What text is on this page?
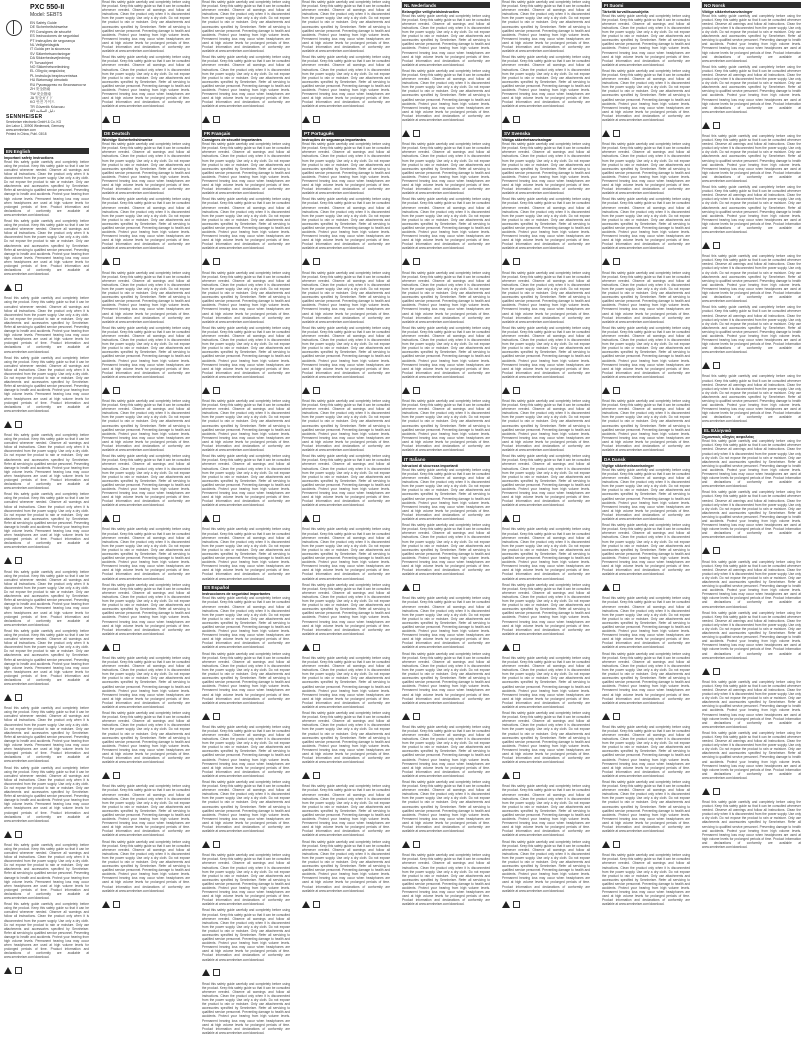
PXC 550-II
Model: SEBT5
EN Safety Guide
DE Sicherheitshinweise
FR Consignes de sécurité
ES Instrucciones de seguridad
PT Instruções de segurança
NL Veiligheidsgids
IT Guida per la sicurezza
SV Säkerhetsanvisningar
DA Sikkerhedsvejledning
FI Turvaohjeet
NO Sikkerhetsveiledning
EL Οδηγός ασφαλείας
PL Instrukcja bezpieczeństwa
HU Biztonsági útmutató
RU Руководство по безопасности
ZH 安全指南
TW 安全指南
JA 安全ガイド
KO 안전 가이드
TR Güvenlik Kılavuzu
AR دليل السلامة
SENNHEISER
Sennheiser electronic GmbH & Co. KG
Am Labor 1, 30900 Wedemark, Germany
www.sennheiser.com
Printed in China, Publ. 03/18
EN English
Important safety instructions
Read this safety guide carefully and completely before using the product. Keep this safety guide so that it can be consulted whenever needed. Observe all warnings and follow all instructions. Clean the product only when it is disconnected from the power supply. Use only a dry cloth. Do not expose the product to rain or moisture. Only use attachments and accessories specified by Sennheiser. Refer all servicing to qualified service personnel. Preventing damage to health and accidents. Protect your hearing from high volume levels. Permanent hearing loss may occur when headphones are used at high volume levels for prolonged periods of time. Product information and declarations of conformity are available at www.sennheiser.com/download.
Read this safety guide carefully and completely before using the product. Keep this safety guide so that it can be consulted whenever needed. Observe all warnings and follow all instructions. Clean the product only when it is disconnected from the power supply. Use only a dry cloth. Do not expose the product to rain or moisture. Only use attachments and accessories specified by Sennheiser. Refer all servicing to qualified service personnel. Preventing damage to health and accidents. Protect your hearing from high volume levels. Permanent hearing loss may occur when headphones are used at high volume levels for prolonged periods of time. Product information and declarations of conformity are available at www.sennheiser.com/download.
Read this safety guide carefully and completely before using the product. Keep this safety guide so that it can be consulted whenever needed. Observe all warnings and follow all instructions. Clean the product only when it is disconnected from the power supply. Use only a dry cloth. Do not expose the product to rain or moisture. Only use attachments and accessories specified by Sennheiser. Refer all servicing to qualified service personnel. Preventing damage to health and accidents. Protect your hearing from high volume levels. Permanent hearing loss may occur when headphones are used at high volume levels for prolonged periods of time. Product information and declarations of conformity are available at www.sennheiser.com/download.
Read this safety guide carefully and completely before using the product. Keep this safety guide so that it can be consulted whenever needed. Observe all warnings and follow all instructions. Clean the product only when it is disconnected from the power supply. Use only a dry cloth. Do not expose the product to rain or moisture. Only use attachments and accessories specified by Sennheiser. Refer all servicing to qualified service personnel. Preventing damage to health and accidents. Protect your hearing from high volume levels. Permanent hearing loss may occur when headphones are used at high volume levels for prolonged periods of time. Product information and declarations of conformity are available at www.sennheiser.com/download.
Read this safety guide carefully and completely before using the product. Keep this safety guide so that it can be consulted whenever needed. Observe all warnings and follow all instructions. Clean the product only when it is disconnected from the power supply. Use only a dry cloth. Do not expose the product to rain or moisture. Only use attachments and accessories specified by Sennheiser. Refer all servicing to qualified service personnel. Preventing damage to health and accidents. Protect your hearing from high volume levels. Permanent hearing loss may occur when headphones are used at high volume levels for prolonged periods of time. Product information and declarations of conformity are available at www.sennheiser.com/download.
Read this safety guide carefully and completely before using the product. Keep this safety guide so that it can be consulted whenever needed. Observe all warnings and follow all instructions. Clean the product only when it is disconnected from the power supply. Use only a dry cloth. Do not expose the product to rain or moisture. Only use attachments and accessories specified by Sennheiser. Refer all servicing to qualified service personnel. Preventing damage to health and accidents. Protect your hearing from high volume levels. Permanent hearing loss may occur when headphones are used at high volume levels for prolonged periods of time. Product information and declarations of conformity are available at www.sennheiser.com/download.
Read this safety guide carefully and completely before using the product. Keep this safety guide so that it can be consulted whenever needed. Observe all warnings and follow all instructions. Clean the product only when it is disconnected from the power supply. Use only a dry cloth. Do not expose the product to rain or moisture. Only use attachments and accessories specified by Sennheiser. Refer all servicing to qualified service personnel. Preventing damage to health and accidents. Protect your hearing from high volume levels. Permanent hearing loss may occur when headphones are used at high volume levels for prolonged periods of time. Product information and declarations of conformity are available at www.sennheiser.com/download.
Read this safety guide carefully and completely before using the product. Keep this safety guide so that it can be consulted whenever needed. Observe all warnings and follow all instructions. Clean the product only when it is disconnected from the power supply. Use only a dry cloth. Do not expose the product to rain or moisture. Only use attachments and accessories specified by Sennheiser. Refer all servicing to qualified service personnel. Preventing damage to health and accidents. Protect your hearing from high volume levels. Permanent hearing loss may occur when headphones are used at high volume levels for prolonged periods of time. Product information and declarations of conformity are available at www.sennheiser.com/download.
Read this safety guide carefully and completely before using the product. Keep this safety guide so that it can be consulted whenever needed. Observe all warnings and follow all instructions. Clean the product only when it is disconnected from the power supply. Use only a dry cloth. Do not expose the product to rain or moisture. Only use attachments and accessories specified by Sennheiser. Refer all servicing to qualified service personnel. Preventing damage to health and accidents. Protect your hearing from high volume levels. Permanent hearing loss may occur when headphones are used at high volume levels for prolonged periods of time. Product information and declarations of conformity are available at www.sennheiser.com/download.
Read this safety guide carefully and completely before using the product. Keep this safety guide so that it can be consulted whenever needed. Observe all warnings and follow all instructions. Clean the product only when it is disconnected from the power supply. Use only a dry cloth. Do not expose the product to rain or moisture. Only use attachments and accessories specified by Sennheiser. Refer all servicing to qualified service personnel. Preventing damage to health and accidents. Protect your hearing from high volume levels. Permanent hearing loss may occur when headphones are used at high volume levels for prolonged periods of time. Product information and declarations of conformity are available at www.sennheiser.com/download.
Read this safety guide carefully and completely before using the product. Keep this safety guide so that it can be consulted whenever needed. Observe all warnings and follow all instructions. Clean the product only when it is disconnected from the power supply. Use only a dry cloth. Do not expose the product to rain or moisture. Only use attachments and accessories specified by Sennheiser. Refer all servicing to qualified service personnel. Preventing damage to health and accidents. Protect your hearing from high volume levels. Permanent hearing loss may occur when headphones are used at high volume levels for prolonged periods of time. Product information and declarations of conformity are available at www.sennheiser.com/download.
Read this safety guide carefully and completely before using the product. Keep this safety guide so that it can be consulted whenever needed. Observe all warnings and follow all instructions. Clean the product only when it is disconnected from the power supply. Use only a dry cloth. Do not expose the product to rain or moisture. Only use attachments and accessories specified by Sennheiser. Refer all servicing to qualified service personnel. Preventing damage to health and accidents. Protect your hearing from high volume levels. Permanent hearing loss may occur when headphones are used at high volume levels for prolonged periods of time. Product information and declarations of conformity are available at www.sennheiser.com/download.
Read this safety guide carefully and completely before using the product. Keep this safety guide so that it can be consulted whenever needed. Observe all warnings and follow all instructions. Clean the product only when it is disconnected from the power supply. Use only a dry cloth. Do not expose the product to rain or moisture. Only use attachments and accessories specified by Sennheiser. Refer all servicing to qualified service personnel. Preventing damage to health and accidents. Protect your hearing from high volume levels. Permanent hearing loss may occur when headphones are used at high volume levels for prolonged periods of time. Product information and declarations of conformity are available at www.sennheiser.com/download.
Read this safety guide carefully and completely before using the product. Keep this safety guide so that it can be consulted whenever needed. Observe all warnings and follow all instructions. Clean the product only when it is disconnected from the power supply. Use only a dry cloth. Do not expose the product to rain or moisture. Only use attachments and accessories specified by Sennheiser. Refer all servicing to qualified service personnel. Preventing damage to health and accidents. Protect your hearing from high volume levels. Permanent hearing loss may occur when headphones are used at high volume levels for prolonged periods of time. Product information and declarations of conformity are available at www.sennheiser.com/download.
DE Deutsch
Wichtige Sicherheitshinweise
Read this safety guide carefully and completely before using the product. Keep this safety guide so that it can be consulted whenever needed. Observe all warnings and follow all instructions. Clean the product only when it is disconnected from the power supply. Use only a dry cloth. Do not expose the product to rain or moisture. Only use attachments and accessories specified by Sennheiser. Refer all servicing to qualified service personnel. Preventing damage to health and accidents. Protect your hearing from high volume levels. Permanent hearing loss may occur when headphones are used at high volume levels for prolonged periods of time. Product information and declarations of conformity are available at www.sennheiser.com/download.
Read this safety guide carefully and completely before using the product. Keep this safety guide so that it can be consulted whenever needed. Observe all warnings and follow all instructions. Clean the product only when it is disconnected from the power supply. Use only a dry cloth. Do not expose the product to rain or moisture. Only use attachments and accessories specified by Sennheiser. Refer all servicing to qualified service personnel. Preventing damage to health and accidents. Protect your hearing from high volume levels. Permanent hearing loss may occur when headphones are used at high volume levels for prolonged periods of time. Product information and declarations of conformity are available at www.sennheiser.com/download.
Read this safety guide carefully and completely before using the product. Keep this safety guide so that it can be consulted whenever needed. Observe all warnings and follow all instructions. Clean the product only when it is disconnected from the power supply. Use only a dry cloth. Do not expose the product to rain or moisture. Only use attachments and accessories specified by Sennheiser. Refer all servicing to qualified service personnel. Preventing damage to health and accidents. Protect your hearing from high volume levels. Permanent hearing loss may occur when headphones are used at high volume levels for prolonged periods of time. Product information and declarations of conformity are available at www.sennheiser.com/download.
Read this safety guide carefully and completely before using the product. Keep this safety guide so that it can be consulted whenever needed. Observe all warnings and follow all instructions. Clean the product only when it is disconnected from the power supply. Use only a dry cloth. Do not expose the product to rain or moisture. Only use attachments and accessories specified by Sennheiser. Refer all servicing to qualified service personnel. Preventing damage to health and accidents. Protect your hearing from high volume levels. Permanent hearing loss may occur when headphones are used at high volume levels for prolonged periods of time. Product information and declarations of conformity are available at www.sennheiser.com/download.
Read this safety guide carefully and completely before using the product. Keep this safety guide so that it can be consulted whenever needed. Observe all warnings and follow all instructions. Clean the product only when it is disconnected from the power supply. Use only a dry cloth. Do not expose the product to rain or moisture. Only use attachments and accessories specified by Sennheiser. Refer all servicing to qualified service personnel. Preventing damage to health and accidents. Protect your hearing from high volume levels. Permanent hearing loss may occur when headphones are used at high volume levels for prolonged periods of time. Product information and declarations of conformity are available at www.sennheiser.com/download.
Read this safety guide carefully and completely before using the product. Keep this safety guide so that it can be consulted whenever needed. Observe all warnings and follow all instructions. Clean the product only when it is disconnected from the power supply. Use only a dry cloth. Do not expose the product to rain or moisture. Only use attachments and accessories specified by Sennheiser. Refer all servicing to qualified service personnel. Preventing damage to health and accidents. Protect your hearing from high volume levels. Permanent hearing loss may occur when headphones are used at high volume levels for prolonged periods of time. Product information and declarations of conformity are available at www.sennheiser.com/download.
Read this safety guide carefully and completely before using the product. Keep this safety guide so that it can be consulted whenever needed. Observe all warnings and follow all instructions. Clean the product only when it is disconnected from the power supply. Use only a dry cloth. Do not expose the product to rain or moisture. Only use attachments and accessories specified by Sennheiser. Refer all servicing to qualified service personnel. Preventing damage to health and accidents. Protect your hearing from high volume levels. Permanent hearing loss may occur when headphones are used at high volume levels for prolonged periods of time. Product information and declarations of conformity are available at www.sennheiser.com/download.
Read this safety guide carefully and completely before using the product. Keep this safety guide so that it can be consulted whenever needed. Observe all warnings and follow all instructions. Clean the product only when it is disconnected from the power supply. Use only a dry cloth. Do not expose the product to rain or moisture. Only use attachments and accessories specified by Sennheiser. Refer all servicing to qualified service personnel. Preventing damage to health and accidents. Protect your hearing from high volume levels. Permanent hearing loss may occur when headphones are used at high volume levels for prolonged periods of time. Product information and declarations of conformity are available at www.sennheiser.com/download.
Read this safety guide carefully and completely before using the product. Keep this safety guide so that it can be consulted whenever needed. Observe all warnings and follow all instructions. Clean the product only when it is disconnected from the power supply. Use only a dry cloth. Do not expose the product to rain or moisture. Only use attachments and accessories specified by Sennheiser. Refer all servicing to qualified service personnel. Preventing damage to health and accidents. Protect your hearing from high volume levels. Permanent hearing loss may occur when headphones are used at high volume levels for prolonged periods of time. Product information and declarations of conformity are available at www.sennheiser.com/download.
Read this safety guide carefully and completely before using the product. Keep this safety guide so that it can be consulted whenever needed. Observe all warnings and follow all instructions. Clean the product only when it is disconnected from the power supply. Use only a dry cloth. Do not expose the product to rain or moisture. Only use attachments and accessories specified by Sennheiser. Refer all servicing to qualified service personnel. Preventing damage to health and accidents. Protect your hearing from high volume levels. Permanent hearing loss may occur when headphones are used at high volume levels for prolonged periods of time. Product information and declarations of conformity are available at www.sennheiser.com/download.
Read this safety guide carefully and completely before using the product. Keep this safety guide so that it can be consulted whenever needed. Observe all warnings and follow all instructions. Clean the product only when it is disconnected from the power supply. Use only a dry cloth. Do not expose the product to rain or moisture. Only use attachments and accessories specified by Sennheiser. Refer all servicing to qualified service personnel. Preventing damage to health and accidents. Protect your hearing from high volume levels. Permanent hearing loss may occur when headphones are used at high volume levels for prolonged periods of time. Product information and declarations of conformity are available at www.sennheiser.com/download.
Read this safety guide carefully and completely before using the product. Keep this safety guide so that it can be consulted whenever needed. Observe all warnings and follow all instructions. Clean the product only when it is disconnected from the power supply. Use only a dry cloth. Do not expose the product to rain or moisture. Only use attachments and accessories specified by Sennheiser. Refer all servicing to qualified service personnel. Preventing damage to health and accidents. Protect your hearing from high volume levels. Permanent hearing loss may occur when headphones are used at high volume levels for prolonged periods of time. Product information and declarations of conformity are available at www.sennheiser.com/download.
Read this safety guide carefully and completely before using the product. Keep this safety guide so that it can be consulted whenever needed. Observe all warnings and follow all instructions. Clean the product only when it is disconnected from the power supply. Use only a dry cloth. Do not expose the product to rain or moisture. Only use attachments and accessories specified by Sennheiser. Refer all servicing to qualified service personnel. Preventing damage to health and accidents. Protect your hearing from high volume levels. Permanent hearing loss may occur when headphones are used at high volume levels for prolonged periods of time. Product information and declarations of conformity are available at www.sennheiser.com/download.
Read this safety guide carefully and completely before using the product. Keep this safety guide so that it can be consulted whenever needed. Observe all warnings and follow all instructions. Clean the product only when it is disconnected from the power supply. Use only a dry cloth. Do not expose the product to rain or moisture. Only use attachments and accessories specified by Sennheiser. Refer all servicing to qualified service personnel. Preventing damage to health and accidents. Protect your hearing from high volume levels. Permanent hearing loss may occur when headphones are used at high volume levels for prolonged periods of time. Product information and declarations of conformity are available at www.sennheiser.com/download.
FR Français
Consignes de sécurité importantes
Read this safety guide carefully and completely before using the product. Keep this safety guide so that it can be consulted whenever needed. Observe all warnings and follow all instructions. Clean the product only when it is disconnected from the power supply. Use only a dry cloth. Do not expose the product to rain or moisture. Only use attachments and accessories specified by Sennheiser. Refer all servicing to qualified service personnel. Preventing damage to health and accidents. Protect your hearing from high volume levels. Permanent hearing loss may occur when headphones are used at high volume levels for prolonged periods of time. Product information and declarations of conformity are available at www.sennheiser.com/download.
Read this safety guide carefully and completely before using the product. Keep this safety guide so that it can be consulted whenever needed. Observe all warnings and follow all instructions. Clean the product only when it is disconnected from the power supply. Use only a dry cloth. Do not expose the product to rain or moisture. Only use attachments and accessories specified by Sennheiser. Refer all servicing to qualified service personnel. Preventing damage to health and accidents. Protect your hearing from high volume levels. Permanent hearing loss may occur when headphones are used at high volume levels for prolonged periods of time. Product information and declarations of conformity are available at www.sennheiser.com/download.
Read this safety guide carefully and completely before using the product. Keep this safety guide so that it can be consulted whenever needed. Observe all warnings and follow all instructions. Clean the product only when it is disconnected from the power supply. Use only a dry cloth. Do not expose the product to rain or moisture. Only use attachments and accessories specified by Sennheiser. Refer all servicing to qualified service personnel. Preventing damage to health and accidents. Protect your hearing from high volume levels. Permanent hearing loss may occur when headphones are used at high volume levels for prolonged periods of time. Product information and declarations of conformity are available at www.sennheiser.com/download.
Read this safety guide carefully and completely before using the product. Keep this safety guide so that it can be consulted whenever needed. Observe all warnings and follow all instructions. Clean the product only when it is disconnected from the power supply. Use only a dry cloth. Do not expose the product to rain or moisture. Only use attachments and accessories specified by Sennheiser. Refer all servicing to qualified service personnel. Preventing damage to health and accidents. Protect your hearing from high volume levels. Permanent hearing loss may occur when headphones are used at high volume levels for prolonged periods of time. Product information and declarations of conformity are available at www.sennheiser.com/download.
Read this safety guide carefully and completely before using the product. Keep this safety guide so that it can be consulted whenever needed. Observe all warnings and follow all instructions. Clean the product only when it is disconnected from the power supply. Use only a dry cloth. Do not expose the product to rain or moisture. Only use attachments and accessories specified by Sennheiser. Refer all servicing to qualified service personnel. Preventing damage to health and accidents. Protect your hearing from high volume levels. Permanent hearing loss may occur when headphones are used at high volume levels for prolonged periods of time. Product information and declarations of conformity are available at www.sennheiser.com/download.
Read this safety guide carefully and completely before using the product. Keep this safety guide so that it can be consulted whenever needed. Observe all warnings and follow all instructions. Clean the product only when it is disconnected from the power supply. Use only a dry cloth. Do not expose the product to rain or moisture. Only use attachments and accessories specified by Sennheiser. Refer all servicing to qualified service personnel. Preventing damage to health and accidents. Protect your hearing from high volume levels. Permanent hearing loss may occur when headphones are used at high volume levels for prolonged periods of time. Product information and declarations of conformity are available at www.sennheiser.com/download.
Read this safety guide carefully and completely before using the product. Keep this safety guide so that it can be consulted whenever needed. Observe all warnings and follow all instructions. Clean the product only when it is disconnected from the power supply. Use only a dry cloth. Do not expose the product to rain or moisture. Only use attachments and accessories specified by Sennheiser. Refer all servicing to qualified service personnel. Preventing damage to health and accidents. Protect your hearing from high volume levels. Permanent hearing loss may occur when headphones are used at high volume levels for prolonged periods of time. Product information and declarations of conformity are available at www.sennheiser.com/download.
ES Español
Instrucciones de seguridad importantes
Read this safety guide carefully and completely before using the product. Keep this safety guide so that it can be consulted whenever needed. Observe all warnings and follow all instructions. Clean the product only when it is disconnected from the power supply. Use only a dry cloth. Do not expose the product to rain or moisture. Only use attachments and accessories specified by Sennheiser. Refer all servicing to qualified service personnel. Preventing damage to health and accidents. Protect your hearing from high volume levels. Permanent hearing loss may occur when headphones are used at high volume levels for prolonged periods of time. Product information and declarations of conformity are available at www.sennheiser.com/download.
Read this safety guide carefully and completely before using the product. Keep this safety guide so that it can be consulted whenever needed. Observe all warnings and follow all instructions. Clean the product only when it is disconnected from the power supply. Use only a dry cloth. Do not expose the product to rain or moisture. Only use attachments and accessories specified by Sennheiser. Refer all servicing to qualified service personnel. Preventing damage to health and accidents. Protect your hearing from high volume levels. Permanent hearing loss may occur when headphones are used at high volume levels for prolonged periods of time. Product information and declarations of conformity are available at www.sennheiser.com/download.
Read this safety guide carefully and completely before using the product. Keep this safety guide so that it can be consulted whenever needed. Observe all warnings and follow all instructions. Clean the product only when it is disconnected from the power supply. Use only a dry cloth. Do not expose the product to rain or moisture. Only use attachments and accessories specified by Sennheiser. Refer all servicing to qualified service personnel. Preventing damage to health and accidents. Protect your hearing from high volume levels. Permanent hearing loss may occur when headphones are used at high volume levels for prolonged periods of time. Product information and declarations of conformity are available at www.sennheiser.com/download.
Read this safety guide carefully and completely before using the product. Keep this safety guide so that it can be consulted whenever needed. Observe all warnings and follow all instructions. Clean the product only when it is disconnected from the power supply. Use only a dry cloth. Do not expose the product to rain or moisture. Only use attachments and accessories specified by Sennheiser. Refer all servicing to qualified service personnel. Preventing damage to health and accidents. Protect your hearing from high volume levels. Permanent hearing loss may occur when headphones are used at high volume levels for prolonged periods of time. Product information and declarations of conformity are available at www.sennheiser.com/download.
Read this safety guide carefully and completely before using the product. Keep this safety guide so that it can be consulted whenever needed. Observe all warnings and follow all instructions. Clean the product only when it is disconnected from the power supply. Use only a dry cloth. Do not expose the product to rain or moisture. Only use attachments and accessories specified by Sennheiser. Refer all servicing to qualified service personnel. Preventing damage to health and accidents. Protect your hearing from high volume levels. Permanent hearing loss may occur when headphones are used at high volume levels for prolonged periods of time. Product information and declarations of conformity are available at www.sennheiser.com/download.
Read this safety guide carefully and completely before using the product. Keep this safety guide so that it can be consulted whenever needed. Observe all warnings and follow all instructions. Clean the product only when it is disconnected from the power supply. Use only a dry cloth. Do not expose the product to rain or moisture. Only use attachments and accessories specified by Sennheiser. Refer all servicing to qualified service personnel. Preventing damage to health and accidents. Protect your hearing from high volume levels. Permanent hearing loss may occur when headphones are used at high volume levels for prolonged periods of time. Product information and declarations of conformity are available at www.sennheiser.com/download.
Read this safety guide carefully and completely before using the product. Keep this safety guide so that it can be consulted whenever needed. Observe all warnings and follow all instructions. Clean the product only when it is disconnected from the power supply. Use only a dry cloth. Do not expose the product to rain or moisture. Only use attachments and accessories specified by Sennheiser. Refer all servicing to qualified service personnel. Preventing damage to health and accidents. Protect your hearing from high volume levels. Permanent hearing loss may occur when headphones are used at high volume levels for prolonged periods of time. Product information and declarations of conformity are available at www.sennheiser.com/download.
Read this safety guide carefully and completely before using the product. Keep this safety guide so that it can be consulted whenever needed. Observe all warnings and follow all instructions. Clean the product only when it is disconnected from the power supply. Use only a dry cloth. Do not expose the product to rain or moisture. Only use attachments and accessories specified by Sennheiser. Refer all servicing to qualified service personnel. Preventing damage to health and accidents. Protect your hearing from high volume levels. Permanent hearing loss may occur when headphones are used at high volume levels for prolonged periods of time. Product information and declarations of conformity are available at www.sennheiser.com/download.
Read this safety guide carefully and completely before using the product. Keep this safety guide so that it can be consulted whenever needed. Observe all warnings and follow all instructions. Clean the product only when it is disconnected from the power supply. Use only a dry cloth. Do not expose the product to rain or moisture. Only use attachments and accessories specified by Sennheiser. Refer all servicing to qualified service personnel. Preventing damage to health and accidents. Protect your hearing from high volume levels. Permanent hearing loss may occur when headphones are used at high volume levels for prolonged periods of time. Product information and declarations of conformity are available at www.sennheiser.com/download.
PT Português
Instruções de segurança importantes
Read this safety guide carefully and completely before using the product. Keep this safety guide so that it can be consulted whenever needed. Observe all warnings and follow all instructions. Clean the product only when it is disconnected from the power supply. Use only a dry cloth. Do not expose the product to rain or moisture. Only use attachments and accessories specified by Sennheiser. Refer all servicing to qualified service personnel. Preventing damage to health and accidents. Protect your hearing from high volume levels. Permanent hearing loss may occur when headphones are used at high volume levels for prolonged periods of time. Product information and declarations of conformity are available at www.sennheiser.com/download.
Read this safety guide carefully and completely before using the product. Keep this safety guide so that it can be consulted whenever needed. Observe all warnings and follow all instructions. Clean the product only when it is disconnected from the power supply. Use only a dry cloth. Do not expose the product to rain or moisture. Only use attachments and accessories specified by Sennheiser. Refer all servicing to qualified service personnel. Preventing damage to health and accidents. Protect your hearing from high volume levels. Permanent hearing loss may occur when headphones are used at high volume levels for prolonged periods of time. Product information and declarations of conformity are available at www.sennheiser.com/download.
Read this safety guide carefully and completely before using the product. Keep this safety guide so that it can be consulted whenever needed. Observe all warnings and follow all instructions. Clean the product only when it is disconnected from the power supply. Use only a dry cloth. Do not expose the product to rain or moisture. Only use attachments and accessories specified by Sennheiser. Refer all servicing to qualified service personnel. Preventing damage to health and accidents. Protect your hearing from high volume levels. Permanent hearing loss may occur when headphones are used at high volume levels for prolonged periods of time. Product information and declarations of conformity are available at www.sennheiser.com/download.
Read this safety guide carefully and completely before using the product. Keep this safety guide so that it can be consulted whenever needed. Observe all warnings and follow all instructions. Clean the product only when it is disconnected from the power supply. Use only a dry cloth. Do not expose the product to rain or moisture. Only use attachments and accessories specified by Sennheiser. Refer all servicing to qualified service personnel. Preventing damage to health and accidents. Protect your hearing from high volume levels. Permanent hearing loss may occur when headphones are used at high volume levels for prolonged periods of time. Product information and declarations of conformity are available at www.sennheiser.com/download.
Read this safety guide carefully and completely before using the product. Keep this safety guide so that it can be consulted whenever needed. Observe all warnings and follow all instructions. Clean the product only when it is disconnected from the power supply. Use only a dry cloth. Do not expose the product to rain or moisture. Only use attachments and accessories specified by Sennheiser. Refer all servicing to qualified service personnel. Preventing damage to health and accidents. Protect your hearing from high volume levels. Permanent hearing loss may occur when headphones are used at high volume levels for prolonged periods of time. Product information and declarations of conformity are available at www.sennheiser.com/download.
Read this safety guide carefully and completely before using the product. Keep this safety guide so that it can be consulted whenever needed. Observe all warnings and follow all instructions. Clean the product only when it is disconnected from the power supply. Use only a dry cloth. Do not expose the product to rain or moisture. Only use attachments and accessories specified by Sennheiser. Refer all servicing to qualified service personnel. Preventing damage to health and accidents. Protect your hearing from high volume levels. Permanent hearing loss may occur when headphones are used at high volume levels for prolonged periods of time. Product information and declarations of conformity are available at www.sennheiser.com/download.
Read this safety guide carefully and completely before using the product. Keep this safety guide so that it can be consulted whenever needed. Observe all warnings and follow all instructions. Clean the product only when it is disconnected from the power supply. Use only a dry cloth. Do not expose the product to rain or moisture. Only use attachments and accessories specified by Sennheiser. Refer all servicing to qualified service personnel. Preventing damage to health and accidents. Protect your hearing from high volume levels. Permanent hearing loss may occur when headphones are used at high volume levels for prolonged periods of time. Product information and declarations of conformity are available at www.sennheiser.com/download.
Read this safety guide carefully and completely before using the product. Keep this safety guide so that it can be consulted whenever needed. Observe all warnings and follow all instructions. Clean the product only when it is disconnected from the power supply. Use only a dry cloth. Do not expose the product to rain or moisture. Only use attachments and accessories specified by Sennheiser. Refer all servicing to qualified service personnel. Preventing damage to health and accidents. Protect your hearing from high volume levels. Permanent hearing loss may occur when headphones are used at high volume levels for prolonged periods of time. Product information and declarations of conformity are available at www.sennheiser.com/download.
Read this safety guide carefully and completely before using the product. Keep this safety guide so that it can be consulted whenever needed. Observe all warnings and follow all instructions. Clean the product only when it is disconnected from the power supply. Use only a dry cloth. Do not expose the product to rain or moisture. Only use attachments and accessories specified by Sennheiser. Refer all servicing to qualified service personnel. Preventing damage to health and accidents. Protect your hearing from high volume levels. Permanent hearing loss may occur when headphones are used at high volume levels for prolonged periods of time. Product information and declarations of conformity are available at www.sennheiser.com/download.
Read this safety guide carefully and completely before using the product. Keep this safety guide so that it can be consulted whenever needed. Observe all warnings and follow all instructions. Clean the product only when it is disconnected from the power supply. Use only a dry cloth. Do not expose the product to rain or moisture. Only use attachments and accessories specified by Sennheiser. Refer all servicing to qualified service personnel. Preventing damage to health and accidents. Protect your hearing from high volume levels. Permanent hearing loss may occur when headphones are used at high volume levels for prolonged periods of time. Product information and declarations of conformity are available at www.sennheiser.com/download.
Read this safety guide carefully and completely before using the product. Keep this safety guide so that it can be consulted whenever needed. Observe all warnings and follow all instructions. Clean the product only when it is disconnected from the power supply. Use only a dry cloth. Do not expose the product to rain or moisture. Only use attachments and accessories specified by Sennheiser. Refer all servicing to qualified service personnel. Preventing damage to health and accidents. Protect your hearing from high volume levels. Permanent hearing loss may occur when headphones are used at high volume levels for prolonged periods of time. Product information and declarations of conformity are available at www.sennheiser.com/download.
Read this safety guide carefully and completely before using the product. Keep this safety guide so that it can be consulted whenever needed. Observe all warnings and follow all instructions. Clean the product only when it is disconnected from the power supply. Use only a dry cloth. Do not expose the product to rain or moisture. Only use attachments and accessories specified by Sennheiser. Refer all servicing to qualified service personnel. Preventing damage to health and accidents. Protect your hearing from high volume levels. Permanent hearing loss may occur when headphones are used at high volume levels for prolonged periods of time. Product information and declarations of conformity are available at www.sennheiser.com/download.
NL Nederlands
Belangrijke veiligheidsinstructies
Read this safety guide carefully and completely before using the product. Keep this safety guide so that it can be consulted whenever needed. Observe all warnings and follow all instructions. Clean the product only when it is disconnected from the power supply. Use only a dry cloth. Do not expose the product to rain or moisture. Only use attachments and accessories specified by Sennheiser. Refer all servicing to qualified service personnel. Preventing damage to health and accidents. Protect your hearing from high volume levels. Permanent hearing loss may occur when headphones are used at high volume levels for prolonged periods of time. Product information and declarations of conformity are available at www.sennheiser.com/download.
Read this safety guide carefully and completely before using the product. Keep this safety guide so that it can be consulted whenever needed. Observe all warnings and follow all instructions. Clean the product only when it is disconnected from the power supply. Use only a dry cloth. Do not expose the product to rain or moisture. Only use attachments and accessories specified by Sennheiser. Refer all servicing to qualified service personnel. Preventing damage to health and accidents. Protect your hearing from high volume levels. Permanent hearing loss may occur when headphones are used at high volume levels for prolonged periods of time. Product information and declarations of conformity are available at www.sennheiser.com/download.
Read this safety guide carefully and completely before using the product. Keep this safety guide so that it can be consulted whenever needed. Observe all warnings and follow all instructions. Clean the product only when it is disconnected from the power supply. Use only a dry cloth. Do not expose the product to rain or moisture. Only use attachments and accessories specified by Sennheiser. Refer all servicing to qualified service personnel. Preventing damage to health and accidents. Protect your hearing from high volume levels. Permanent hearing loss may occur when headphones are used at high volume levels for prolonged periods of time. Product information and declarations of conformity are available at www.sennheiser.com/download.
Read this safety guide carefully and completely before using the product. Keep this safety guide so that it can be consulted whenever needed. Observe all warnings and follow all instructions. Clean the product only when it is disconnected from the power supply. Use only a dry cloth. Do not expose the product to rain or moisture. Only use attachments and accessories specified by Sennheiser. Refer all servicing to qualified service personnel. Preventing damage to health and accidents. Protect your hearing from high volume levels. Permanent hearing loss may occur when headphones are used at high volume levels for prolonged periods of time. Product information and declarations of conformity are available at www.sennheiser.com/download.
Read this safety guide carefully and completely before using the product. Keep this safety guide so that it can be consulted whenever needed. Observe all warnings and follow all instructions. Clean the product only when it is disconnected from the power supply. Use only a dry cloth. Do not expose the product to rain or moisture. Only use attachments and accessories specified by Sennheiser. Refer all servicing to qualified service personnel. Preventing damage to health and accidents. Protect your hearing from high volume levels. Permanent hearing loss may occur when headphones are used at high volume levels for prolonged periods of time. Product information and declarations of conformity are available at www.sennheiser.com/download.
Read this safety guide carefully and completely before using the product. Keep this safety guide so that it can be consulted whenever needed. Observe all warnings and follow all instructions. Clean the product only when it is disconnected from the power supply. Use only a dry cloth. Do not expose the product to rain or moisture. Only use attachments and accessories specified by Sennheiser. Refer all servicing to qualified service personnel. Preventing damage to health and accidents. Protect your hearing from high volume levels. Permanent hearing loss may occur when headphones are used at high volume levels for prolonged periods of time. Product information and declarations of conformity are available at www.sennheiser.com/download.
Read this safety guide carefully and completely before using the product. Keep this safety guide so that it can be consulted whenever needed. Observe all warnings and follow all instructions. Clean the product only when it is disconnected from the power supply. Use only a dry cloth. Do not expose the product to rain or moisture. Only use attachments and accessories specified by Sennheiser. Refer all servicing to qualified service personnel. Preventing damage to health and accidents. Protect your hearing from high volume levels. Permanent hearing loss may occur when headphones are used at high volume levels for prolonged periods of time. Product information and declarations of conformity are available at www.sennheiser.com/download.
IT Italiano
Istruzioni di sicurezza importanti
Read this safety guide carefully and completely before using the product. Keep this safety guide so that it can be consulted whenever needed. Observe all warnings and follow all instructions. Clean the product only when it is disconnected from the power supply. Use only a dry cloth. Do not expose the product to rain or moisture. Only use attachments and accessories specified by Sennheiser. Refer all servicing to qualified service personnel. Preventing damage to health and accidents. Protect your hearing from high volume levels. Permanent hearing loss may occur when headphones are used at high volume levels for prolonged periods of time. Product information and declarations of conformity are available at www.sennheiser.com/download.
Read this safety guide carefully and completely before using the product. Keep this safety guide so that it can be consulted whenever needed. Observe all warnings and follow all instructions. Clean the product only when it is disconnected from the power supply. Use only a dry cloth. Do not expose the product to rain or moisture. Only use attachments and accessories specified by Sennheiser. Refer all servicing to qualified service personnel. Preventing damage to health and accidents. Protect your hearing from high volume levels. Permanent hearing loss may occur when headphones are used at high volume levels for prolonged periods of time. Product information and declarations of conformity are available at www.sennheiser.com/download.
Read this safety guide carefully and completely before using the product. Keep this safety guide so that it can be consulted whenever needed. Observe all warnings and follow all instructions. Clean the product only when it is disconnected from the power supply. Use only a dry cloth. Do not expose the product to rain or moisture. Only use attachments and accessories specified by Sennheiser. Refer all servicing to qualified service personnel. Preventing damage to health and accidents. Protect your hearing from high volume levels. Permanent hearing loss may occur when headphones are used at high volume levels for prolonged periods of time. Product information and declarations of conformity are available at www.sennheiser.com/download.
Read this safety guide carefully and completely before using the product. Keep this safety guide so that it can be consulted whenever needed. Observe all warnings and follow all instructions. Clean the product only when it is disconnected from the power supply. Use only a dry cloth. Do not expose the product to rain or moisture. Only use attachments and accessories specified by Sennheiser. Refer all servicing to qualified service personnel. Preventing damage to health and accidents. Protect your hearing from high volume levels. Permanent hearing loss may occur when headphones are used at high volume levels for prolonged periods of time. Product information and declarations of conformity are available at www.sennheiser.com/download.
Read this safety guide carefully and completely before using the product. Keep this safety guide so that it can be consulted whenever needed. Observe all warnings and follow all instructions. Clean the product only when it is disconnected from the power supply. Use only a dry cloth. Do not expose the product to rain or moisture. Only use attachments and accessories specified by Sennheiser. Refer all servicing to qualified service personnel. Preventing damage to health and accidents. Protect your hearing from high volume levels. Permanent hearing loss may occur when headphones are used at high volume levels for prolonged periods of time. Product information and declarations of conformity are available at www.sennheiser.com/download.
Read this safety guide carefully and completely before using the product. Keep this safety guide so that it can be consulted whenever needed. Observe all warnings and follow all instructions. Clean the product only when it is disconnected from the power supply. Use only a dry cloth. Do not expose the product to rain or moisture. Only use attachments and accessories specified by Sennheiser. Refer all servicing to qualified service personnel. Preventing damage to health and accidents. Protect your hearing from high volume levels. Permanent hearing loss may occur when headphones are used at high volume levels for prolonged periods of time. Product information and declarations of conformity are available at www.sennheiser.com/download.
Read this safety guide carefully and completely before using the product. Keep this safety guide so that it can be consulted whenever needed. Observe all warnings and follow all instructions. Clean the product only when it is disconnected from the power supply. Use only a dry cloth. Do not expose the product to rain or moisture. Only use attachments and accessories specified by Sennheiser. Refer all servicing to qualified service personnel. Preventing damage to health and accidents. Protect your hearing from high volume levels. Permanent hearing loss may occur when headphones are used at high volume levels for prolonged periods of time. Product information and declarations of conformity are available at www.sennheiser.com/download.
Read this safety guide carefully and completely before using the product. Keep this safety guide so that it can be consulted whenever needed. Observe all warnings and follow all instructions. Clean the product only when it is disconnected from the power supply. Use only a dry cloth. Do not expose the product to rain or moisture. Only use attachments and accessories specified by Sennheiser. Refer all servicing to qualified service personnel. Preventing damage to health and accidents. Protect your hearing from high volume levels. Permanent hearing loss may occur when headphones are used at high volume levels for prolonged periods of time. Product information and declarations of conformity are available at www.sennheiser.com/download.
Read this safety guide carefully and completely before using the product. Keep this safety guide so that it can be consulted whenever needed. Observe all warnings and follow all instructions. Clean the product only when it is disconnected from the power supply. Use only a dry cloth. Do not expose the product to rain or moisture. Only use attachments and accessories specified by Sennheiser. Refer all servicing to qualified service personnel. Preventing damage to health and accidents. Protect your hearing from high volume levels. Permanent hearing loss may occur when headphones are used at high volume levels for prolonged periods of time. Product information and declarations of conformity are available at www.sennheiser.com/download.
SV Svenska
Viktiga säkerhetsanvisningar
Read this safety guide carefully and completely before using the product. Keep this safety guide so that it can be consulted whenever needed. Observe all warnings and follow all instructions. Clean the product only when it is disconnected from the power supply. Use only a dry cloth. Do not expose the product to rain or moisture. Only use attachments and accessories specified by Sennheiser. Refer all servicing to qualified service personnel. Preventing damage to health and accidents. Protect your hearing from high volume levels. Permanent hearing loss may occur when headphones are used at high volume levels for prolonged periods of time. Product information and declarations of conformity are available at www.sennheiser.com/download.
Read this safety guide carefully and completely before using the product. Keep this safety guide so that it can be consulted whenever needed. Observe all warnings and follow all instructions. Clean the product only when it is disconnected from the power supply. Use only a dry cloth. Do not expose the product to rain or moisture. Only use attachments and accessories specified by Sennheiser. Refer all servicing to qualified service personnel. Preventing damage to health and accidents. Protect your hearing from high volume levels. Permanent hearing loss may occur when headphones are used at high volume levels for prolonged periods of time. Product information and declarations of conformity are available at www.sennheiser.com/download.
Read this safety guide carefully and completely before using the product. Keep this safety guide so that it can be consulted whenever needed. Observe all warnings and follow all instructions. Clean the product only when it is disconnected from the power supply. Use only a dry cloth. Do not expose the product to rain or moisture. Only use attachments and accessories specified by Sennheiser. Refer all servicing to qualified service personnel. Preventing damage to health and accidents. Protect your hearing from high volume levels. Permanent hearing loss may occur when headphones are used at high volume levels for prolonged periods of time. Product information and declarations of conformity are available at www.sennheiser.com/download.
Read this safety guide carefully and completely before using the product. Keep this safety guide so that it can be consulted whenever needed. Observe all warnings and follow all instructions. Clean the product only when it is disconnected from the power supply. Use only a dry cloth. Do not expose the product to rain or moisture. Only use attachments and accessories specified by Sennheiser. Refer all servicing to qualified service personnel. Preventing damage to health and accidents. Protect your hearing from high volume levels. Permanent hearing loss may occur when headphones are used at high volume levels for prolonged periods of time. Product information and declarations of conformity are available at www.sennheiser.com/download.
Read this safety guide carefully and completely before using the product. Keep this safety guide so that it can be consulted whenever needed. Observe all warnings and follow all instructions. Clean the product only when it is disconnected from the power supply. Use only a dry cloth. Do not expose the product to rain or moisture. Only use attachments and accessories specified by Sennheiser. Refer all servicing to qualified service personnel. Preventing damage to health and accidents. Protect your hearing from high volume levels. Permanent hearing loss may occur when headphones are used at high volume levels for prolonged periods of time. Product information and declarations of conformity are available at www.sennheiser.com/download.
Read this safety guide carefully and completely before using the product. Keep this safety guide so that it can be consulted whenever needed. Observe all warnings and follow all instructions. Clean the product only when it is disconnected from the power supply. Use only a dry cloth. Do not expose the product to rain or moisture. Only use attachments and accessories specified by Sennheiser. Refer all servicing to qualified service personnel. Preventing damage to health and accidents. Protect your hearing from high volume levels. Permanent hearing loss may occur when headphones are used at high volume levels for prolonged periods of time. Product information and declarations of conformity are available at www.sennheiser.com/download.
Read this safety guide carefully and completely before using the product. Keep this safety guide so that it can be consulted whenever needed. Observe all warnings and follow all instructions. Clean the product only when it is disconnected from the power supply. Use only a dry cloth. Do not expose the product to rain or moisture. Only use attachments and accessories specified by Sennheiser. Refer all servicing to qualified service personnel. Preventing damage to health and accidents. Protect your hearing from high volume levels. Permanent hearing loss may occur when headphones are used at high volume levels for prolonged periods of time. Product information and declarations of conformity are available at www.sennheiser.com/download.
Read this safety guide carefully and completely before using the product. Keep this safety guide so that it can be consulted whenever needed. Observe all warnings and follow all instructions. Clean the product only when it is disconnected from the power supply. Use only a dry cloth. Do not expose the product to rain or moisture. Only use attachments and accessories specified by Sennheiser. Refer all servicing to qualified service personnel. Preventing damage to health and accidents. Protect your hearing from high volume levels. Permanent hearing loss may occur when headphones are used at high volume levels for prolonged periods of time. Product information and declarations of conformity are available at www.sennheiser.com/download.
Read this safety guide carefully and completely before using the product. Keep this safety guide so that it can be consulted whenever needed. Observe all warnings and follow all instructions. Clean the product only when it is disconnected from the power supply. Use only a dry cloth. Do not expose the product to rain or moisture. Only use attachments and accessories specified by Sennheiser. Refer all servicing to qualified service personnel. Preventing damage to health and accidents. Protect your hearing from high volume levels. Permanent hearing loss may occur when headphones are used at high volume levels for prolonged periods of time. Product information and declarations of conformity are available at www.sennheiser.com/download.
Read this safety guide carefully and completely before using the product. Keep this safety guide so that it can be consulted whenever needed. Observe all warnings and follow all instructions. Clean the product only when it is disconnected from the power supply. Use only a dry cloth. Do not expose the product to rain or moisture. Only use attachments and accessories specified by Sennheiser. Refer all servicing to qualified service personnel. Preventing damage to health and accidents. Protect your hearing from high volume levels. Permanent hearing loss may occur when headphones are used at high volume levels for prolonged periods of time. Product information and declarations of conformity are available at www.sennheiser.com/download.
Read this safety guide carefully and completely before using the product. Keep this safety guide so that it can be consulted whenever needed. Observe all warnings and follow all instructions. Clean the product only when it is disconnected from the power supply. Use only a dry cloth. Do not expose the product to rain or moisture. Only use attachments and accessories specified by Sennheiser. Refer all servicing to qualified service personnel. Preventing damage to health and accidents. Protect your hearing from high volume levels. Permanent hearing loss may occur when headphones are used at high volume levels for prolonged periods of time. Product information and declarations of conformity are available at www.sennheiser.com/download.
Read this safety guide carefully and completely before using the product. Keep this safety guide so that it can be consulted whenever needed. Observe all warnings and follow all instructions. Clean the product only when it is disconnected from the power supply. Use only a dry cloth. Do not expose the product to rain or moisture. Only use attachments and accessories specified by Sennheiser. Refer all servicing to qualified service personnel. Preventing damage to health and accidents. Protect your hearing from high volume levels. Permanent hearing loss may occur when headphones are used at high volume levels for prolonged periods of time. Product information and declarations of conformity are available at www.sennheiser.com/download.
FI Suomi
Tärkeitä turvallisuusohjeita
Read this safety guide carefully and completely before using the product. Keep this safety guide so that it can be consulted whenever needed. Observe all warnings and follow all instructions. Clean the product only when it is disconnected from the power supply. Use only a dry cloth. Do not expose the product to rain or moisture. Only use attachments and accessories specified by Sennheiser. Refer all servicing to qualified service personnel. Preventing damage to health and accidents. Protect your hearing from high volume levels. Permanent hearing loss may occur when headphones are used at high volume levels for prolonged periods of time. Product information and declarations of conformity are available at www.sennheiser.com/download.
Read this safety guide carefully and completely before using the product. Keep this safety guide so that it can be consulted whenever needed. Observe all warnings and follow all instructions. Clean the product only when it is disconnected from the power supply. Use only a dry cloth. Do not expose the product to rain or moisture. Only use attachments and accessories specified by Sennheiser. Refer all servicing to qualified service personnel. Preventing damage to health and accidents. Protect your hearing from high volume levels. Permanent hearing loss may occur when headphones are used at high volume levels for prolonged periods of time. Product information and declarations of conformity are available at www.sennheiser.com/download.
Read this safety guide carefully and completely before using the product. Keep this safety guide so that it can be consulted whenever needed. Observe all warnings and follow all instructions. Clean the product only when it is disconnected from the power supply. Use only a dry cloth. Do not expose the product to rain or moisture. Only use attachments and accessories specified by Sennheiser. Refer all servicing to qualified service personnel. Preventing damage to health and accidents. Protect your hearing from high volume levels. Permanent hearing loss may occur when headphones are used at high volume levels for prolonged periods of time. Product information and declarations of conformity are available at www.sennheiser.com/download.
Read this safety guide carefully and completely before using the product. Keep this safety guide so that it can be consulted whenever needed. Observe all warnings and follow all instructions. Clean the product only when it is disconnected from the power supply. Use only a dry cloth. Do not expose the product to rain or moisture. Only use attachments and accessories specified by Sennheiser. Refer all servicing to qualified service personnel. Preventing damage to health and accidents. Protect your hearing from high volume levels. Permanent hearing loss may occur when headphones are used at high volume levels for prolonged periods of time. Product information and declarations of conformity are available at www.sennheiser.com/download.
Read this safety guide carefully and completely before using the product. Keep this safety guide so that it can be consulted whenever needed. Observe all warnings and follow all instructions. Clean the product only when it is disconnected from the power supply. Use only a dry cloth. Do not expose the product to rain or moisture. Only use attachments and accessories specified by Sennheiser. Refer all servicing to qualified service personnel. Preventing damage to health and accidents. Protect your hearing from high volume levels. Permanent hearing loss may occur when headphones are used at high volume levels for prolonged periods of time. Product information and declarations of conformity are available at www.sennheiser.com/download.
Read this safety guide carefully and completely before using the product. Keep this safety guide so that it can be consulted whenever needed. Observe all warnings and follow all instructions. Clean the product only when it is disconnected from the power supply. Use only a dry cloth. Do not expose the product to rain or moisture. Only use attachments and accessories specified by Sennheiser. Refer all servicing to qualified service personnel. Preventing damage to health and accidents. Protect your hearing from high volume levels. Permanent hearing loss may occur when headphones are used at high volume levels for prolonged periods of time. Product information and declarations of conformity are available at www.sennheiser.com/download.
Read this safety guide carefully and completely before using the product. Keep this safety guide so that it can be consulted whenever needed. Observe all warnings and follow all instructions. Clean the product only when it is disconnected from the power supply. Use only a dry cloth. Do not expose the product to rain or moisture. Only use attachments and accessories specified by Sennheiser. Refer all servicing to qualified service personnel. Preventing damage to health and accidents. Protect your hearing from high volume levels. Permanent hearing loss may occur when headphones are used at high volume levels for prolonged periods of time. Product information and declarations of conformity are available at www.sennheiser.com/download.
DA Dansk
Vigtige sikkerhedsanvisninger
Read this safety guide carefully and completely before using the product. Keep this safety guide so that it can be consulted whenever needed. Observe all warnings and follow all instructions. Clean the product only when it is disconnected from the power supply. Use only a dry cloth. Do not expose the product to rain or moisture. Only use attachments and accessories specified by Sennheiser. Refer all servicing to qualified service personnel. Preventing damage to health and accidents. Protect your hearing from high volume levels. Permanent hearing loss may occur when headphones are used at high volume levels for prolonged periods of time. Product information and declarations of conformity are available at www.sennheiser.com/download.
Read this safety guide carefully and completely before using the product. Keep this safety guide so that it can be consulted whenever needed. Observe all warnings and follow all instructions. Clean the product only when it is disconnected from the power supply. Use only a dry cloth. Do not expose the product to rain or moisture. Only use attachments and accessories specified by Sennheiser. Refer all servicing to qualified service personnel. Preventing damage to health and accidents. Protect your hearing from high volume levels. Permanent hearing loss may occur when headphones are used at high volume levels for prolonged periods of time. Product information and declarations of conformity are available at www.sennheiser.com/download.
Read this safety guide carefully and completely before using the product. Keep this safety guide so that it can be consulted whenever needed. Observe all warnings and follow all instructions. Clean the product only when it is disconnected from the power supply. Use only a dry cloth. Do not expose the product to rain or moisture. Only use attachments and accessories specified by Sennheiser. Refer all servicing to qualified service personnel. Preventing damage to health and accidents. Protect your hearing from high volume levels. Permanent hearing loss may occur when headphones are used at high volume levels for prolonged periods of time. Product information and declarations of conformity are available at www.sennheiser.com/download.
Read this safety guide carefully and completely before using the product. Keep this safety guide so that it can be consulted whenever needed. Observe all warnings and follow all instructions. Clean the product only when it is disconnected from the power supply. Use only a dry cloth. Do not expose the product to rain or moisture. Only use attachments and accessories specified by Sennheiser. Refer all servicing to qualified service personnel. Preventing damage to health and accidents. Protect your hearing from high volume levels. Permanent hearing loss may occur when headphones are used at high volume levels for prolonged periods of time. Product information and declarations of conformity are available at www.sennheiser.com/download.
Read this safety guide carefully and completely before using the product. Keep this safety guide so that it can be consulted whenever needed. Observe all warnings and follow all instructions. Clean the product only when it is disconnected from the power supply. Use only a dry cloth. Do not expose the product to rain or moisture. Only use attachments and accessories specified by Sennheiser. Refer all servicing to qualified service personnel. Preventing damage to health and accidents. Protect your hearing from high volume levels. Permanent hearing loss may occur when headphones are used at high volume levels for prolonged periods of time. Product information and declarations of conformity are available at www.sennheiser.com/download.
Read this safety guide carefully and completely before using the product. Keep this safety guide so that it can be consulted whenever needed. Observe all warnings and follow all instructions. Clean the product only when it is disconnected from the power supply. Use only a dry cloth. Do not expose the product to rain or moisture. Only use attachments and accessories specified by Sennheiser. Refer all servicing to qualified service personnel. Preventing damage to health and accidents. Protect your hearing from high volume levels. Permanent hearing loss may occur when headphones are used at high volume levels for prolonged periods of time. Product information and declarations of conformity are available at www.sennheiser.com/download.
Read this safety guide carefully and completely before using the product. Keep this safety guide so that it can be consulted whenever needed. Observe all warnings and follow all instructions. Clean the product only when it is disconnected from the power supply. Use only a dry cloth. Do not expose the product to rain or moisture. Only use attachments and accessories specified by Sennheiser. Refer all servicing to qualified service personnel. Preventing damage to health and accidents. Protect your hearing from high volume levels. Permanent hearing loss may occur when headphones are used at high volume levels for prolonged periods of time. Product information and declarations of conformity are available at www.sennheiser.com/download.
NO Norsk
Viktige sikkerhetsanvisninger
Read this safety guide carefully and completely before using the product. Keep this safety guide so that it can be consulted whenever needed. Observe all warnings and follow all instructions. Clean the product only when it is disconnected from the power supply. Use only a dry cloth. Do not expose the product to rain or moisture. Only use attachments and accessories specified by Sennheiser. Refer all servicing to qualified service personnel. Preventing damage to health and accidents. Protect your hearing from high volume levels. Permanent hearing loss may occur when headphones are used at high volume levels for prolonged periods of time. Product information and declarations of conformity are available at www.sennheiser.com/download.
Read this safety guide carefully and completely before using the product. Keep this safety guide so that it can be consulted whenever needed. Observe all warnings and follow all instructions. Clean the product only when it is disconnected from the power supply. Use only a dry cloth. Do not expose the product to rain or moisture. Only use attachments and accessories specified by Sennheiser. Refer all servicing to qualified service personnel. Preventing damage to health and accidents. Protect your hearing from high volume levels. Permanent hearing loss may occur when headphones are used at high volume levels for prolonged periods of time. Product information and declarations of conformity are available at www.sennheiser.com/download.
Read this safety guide carefully and completely before using the product. Keep this safety guide so that it can be consulted whenever needed. Observe all warnings and follow all instructions. Clean the product only when it is disconnected from the power supply. Use only a dry cloth. Do not expose the product to rain or moisture. Only use attachments and accessories specified by Sennheiser. Refer all servicing to qualified service personnel. Preventing damage to health and accidents. Protect your hearing from high volume levels. Permanent hearing loss may occur when headphones are used at high volume levels for prolonged periods of time. Product information and declarations of conformity are available at www.sennheiser.com/download.
Read this safety guide carefully and completely before using the product. Keep this safety guide so that it can be consulted whenever needed. Observe all warnings and follow all instructions. Clean the product only when it is disconnected from the power supply. Use only a dry cloth. Do not expose the product to rain or moisture. Only use attachments and accessories specified by Sennheiser. Refer all servicing to qualified service personnel. Preventing damage to health and accidents. Protect your hearing from high volume levels. Permanent hearing loss may occur when headphones are used at high volume levels for prolonged periods of time. Product information and declarations of conformity are available at www.sennheiser.com/download.
Read this safety guide carefully and completely before using the product. Keep this safety guide so that it can be consulted whenever needed. Observe all warnings and follow all instructions. Clean the product only when it is disconnected from the power supply. Use only a dry cloth. Do not expose the product to rain or moisture. Only use attachments and accessories specified by Sennheiser. Refer all servicing to qualified service personnel. Preventing damage to health and accidents. Protect your hearing from high volume levels. Permanent hearing loss may occur when headphones are used at high volume levels for prolonged periods of time. Product information and declarations of conformity are available at www.sennheiser.com/download.
Read this safety guide carefully and completely before using the product. Keep this safety guide so that it can be consulted whenever needed. Observe all warnings and follow all instructions. Clean the product only when it is disconnected from the power supply. Use only a dry cloth. Do not expose the product to rain or moisture. Only use attachments and accessories specified by Sennheiser. Refer all servicing to qualified service personnel. Preventing damage to health and accidents. Protect your hearing from high volume levels. Permanent hearing loss may occur when headphones are used at high volume levels for prolonged periods of time. Product information and declarations of conformity are available at www.sennheiser.com/download.
Read this safety guide carefully and completely before using the product. Keep this safety guide so that it can be consulted whenever needed. Observe all warnings and follow all instructions. Clean the product only when it is disconnected from the power supply. Use only a dry cloth. Do not expose the product to rain or moisture. Only use attachments and accessories specified by Sennheiser. Refer all servicing to qualified service personnel. Preventing damage to health and accidents. Protect your hearing from high volume levels. Permanent hearing loss may occur when headphones are used at high volume levels for prolonged periods of time. Product information and declarations of conformity are available at www.sennheiser.com/download.
EL Ελληνικά
Σημαντικές οδηγίες ασφαλείας
Read this safety guide carefully and completely before using the product. Keep this safety guide so that it can be consulted whenever needed. Observe all warnings and follow all instructions. Clean the product only when it is disconnected from the power supply. Use only a dry cloth. Do not expose the product to rain or moisture. Only use attachments and accessories specified by Sennheiser. Refer all servicing to qualified service personnel. Preventing damage to health and accidents. Protect your hearing from high volume levels. Permanent hearing loss may occur when headphones are used at high volume levels for prolonged periods of time. Product information and declarations of conformity are available at www.sennheiser.com/download.
Read this safety guide carefully and completely before using the product. Keep this safety guide so that it can be consulted whenever needed. Observe all warnings and follow all instructions. Clean the product only when it is disconnected from the power supply. Use only a dry cloth. Do not expose the product to rain or moisture. Only use attachments and accessories specified by Sennheiser. Refer all servicing to qualified service personnel. Preventing damage to health and accidents. Protect your hearing from high volume levels. Permanent hearing loss may occur when headphones are used at high volume levels for prolonged periods of time. Product information and declarations of conformity are available at www.sennheiser.com/download.
Read this safety guide carefully and completely before using the product. Keep this safety guide so that it can be consulted whenever needed. Observe all warnings and follow all instructions. Clean the product only when it is disconnected from the power supply. Use only a dry cloth. Do not expose the product to rain or moisture. Only use attachments and accessories specified by Sennheiser. Refer all servicing to qualified service personnel. Preventing damage to health and accidents. Protect your hearing from high volume levels. Permanent hearing loss may occur when headphones are used at high volume levels for prolonged periods of time. Product information and declarations of conformity are available at www.sennheiser.com/download.
Read this safety guide carefully and completely before using the product. Keep this safety guide so that it can be consulted whenever needed. Observe all warnings and follow all instructions. Clean the product only when it is disconnected from the power supply. Use only a dry cloth. Do not expose the product to rain or moisture. Only use attachments and accessories specified by Sennheiser. Refer all servicing to qualified service personnel. Preventing damage to health and accidents. Protect your hearing from high volume levels. Permanent hearing loss may occur when headphones are used at high volume levels for prolonged periods of time. Product information and declarations of conformity are available at www.sennheiser.com/download.
Read this safety guide carefully and completely before using the product. Keep this safety guide so that it can be consulted whenever needed. Observe all warnings and follow all instructions. Clean the product only when it is disconnected from the power supply. Use only a dry cloth. Do not expose the product to rain or moisture. Only use attachments and accessories specified by Sennheiser. Refer all servicing to qualified service personnel. Preventing damage to health and accidents. Protect your hearing from high volume levels. Permanent hearing loss may occur when headphones are used at high volume levels for prolonged periods of time. Product information and declarations of conformity are available at www.sennheiser.com/download.
Read this safety guide carefully and completely before using the product. Keep this safety guide so that it can be consulted whenever needed. Observe all warnings and follow all instructions. Clean the product only when it is disconnected from the power supply. Use only a dry cloth. Do not expose the product to rain or moisture. Only use attachments and accessories specified by Sennheiser. Refer all servicing to qualified service personnel. Preventing damage to health and accidents. Protect your hearing from high volume levels. Permanent hearing loss may occur when headphones are used at high volume levels for prolonged periods of time. Product information and declarations of conformity are available at www.sennheiser.com/download.
Read this safety guide carefully and completely before using the product. Keep this safety guide so that it can be consulted whenever needed. Observe all warnings and follow all instructions. Clean the product only when it is disconnected from the power supply. Use only a dry cloth. Do not expose the product to rain or moisture. Only use attachments and accessories specified by Sennheiser. Refer all servicing to qualified service personnel. Preventing damage to health and accidents. Protect your hearing from high volume levels. Permanent hearing loss may occur when headphones are used at high volume levels for prolonged periods of time. Product information and declarations of conformity are available at www.sennheiser.com/download.
